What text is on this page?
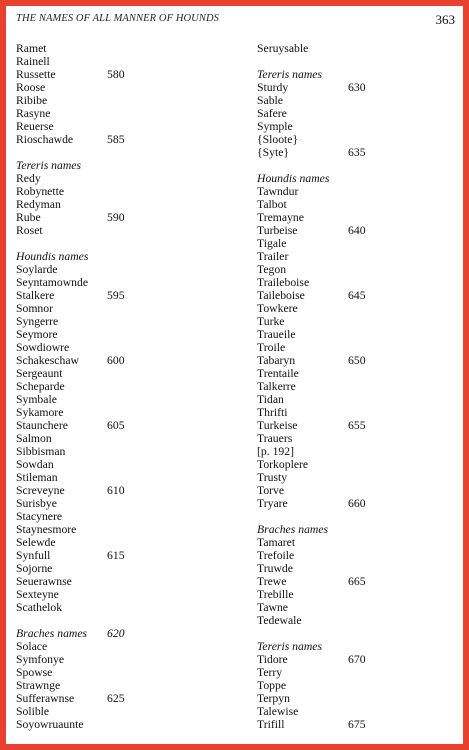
THE NAMES OF ALL MANNER OF HOUNDS	363
Ramet
Rainell
Russette	580
Roose
Ribibe
Rasyne
Reuerse
Rioschawde	585
Tereris names
Redy
Robynette
Redyman
Rube	590
Roset
Houndis names
Soylarde
Seyntamowndе
Stalkere	595
Somnor
Syngerre
Seymore
Sowdiowre
Schakeschaw 600
Sergeaunt
Scheparde
Symbale
Sykamore
Staunchere	605
Salmon
Sibbisman
Sowdan
Stileman
Screveyne	610
Surisbye
Stacynere
Staynesmore
Selewde
Synfull	615
Sojorne
Seuerawnse
Sexteyne
Scathelok
Braches names 620
Solace
Symfonye
Spowse
Strawnge
Sufferawnse	625
Solible
Soyowruaunte
Seruysable
Tereris names
Sturdy	630
Sable
Safere
Symple
{Sloote}
{Syte}	635
Houndis names
Tawndur
Talbot
Tremayne
Turbeise	640
Tigale
Trailer
Tegon
Traileboise
Taileboise	645
Towkere
Turke
Traueile
Troile
Tabaryn	650
Trentaile
Talkerre
Tidan
Thrifti
Turkeise	655
Trauers
[p. 192]
Torkoplere
Trusty
Torve
Tryare	660
Braches names
Tamaret
Trefoile
Truwde
Trewe	665
Trebille
Tawne
Tedewale
Tereris names
Tidore	670
Terry
Toppe
Terpyn
Talewise
Trifill	675
